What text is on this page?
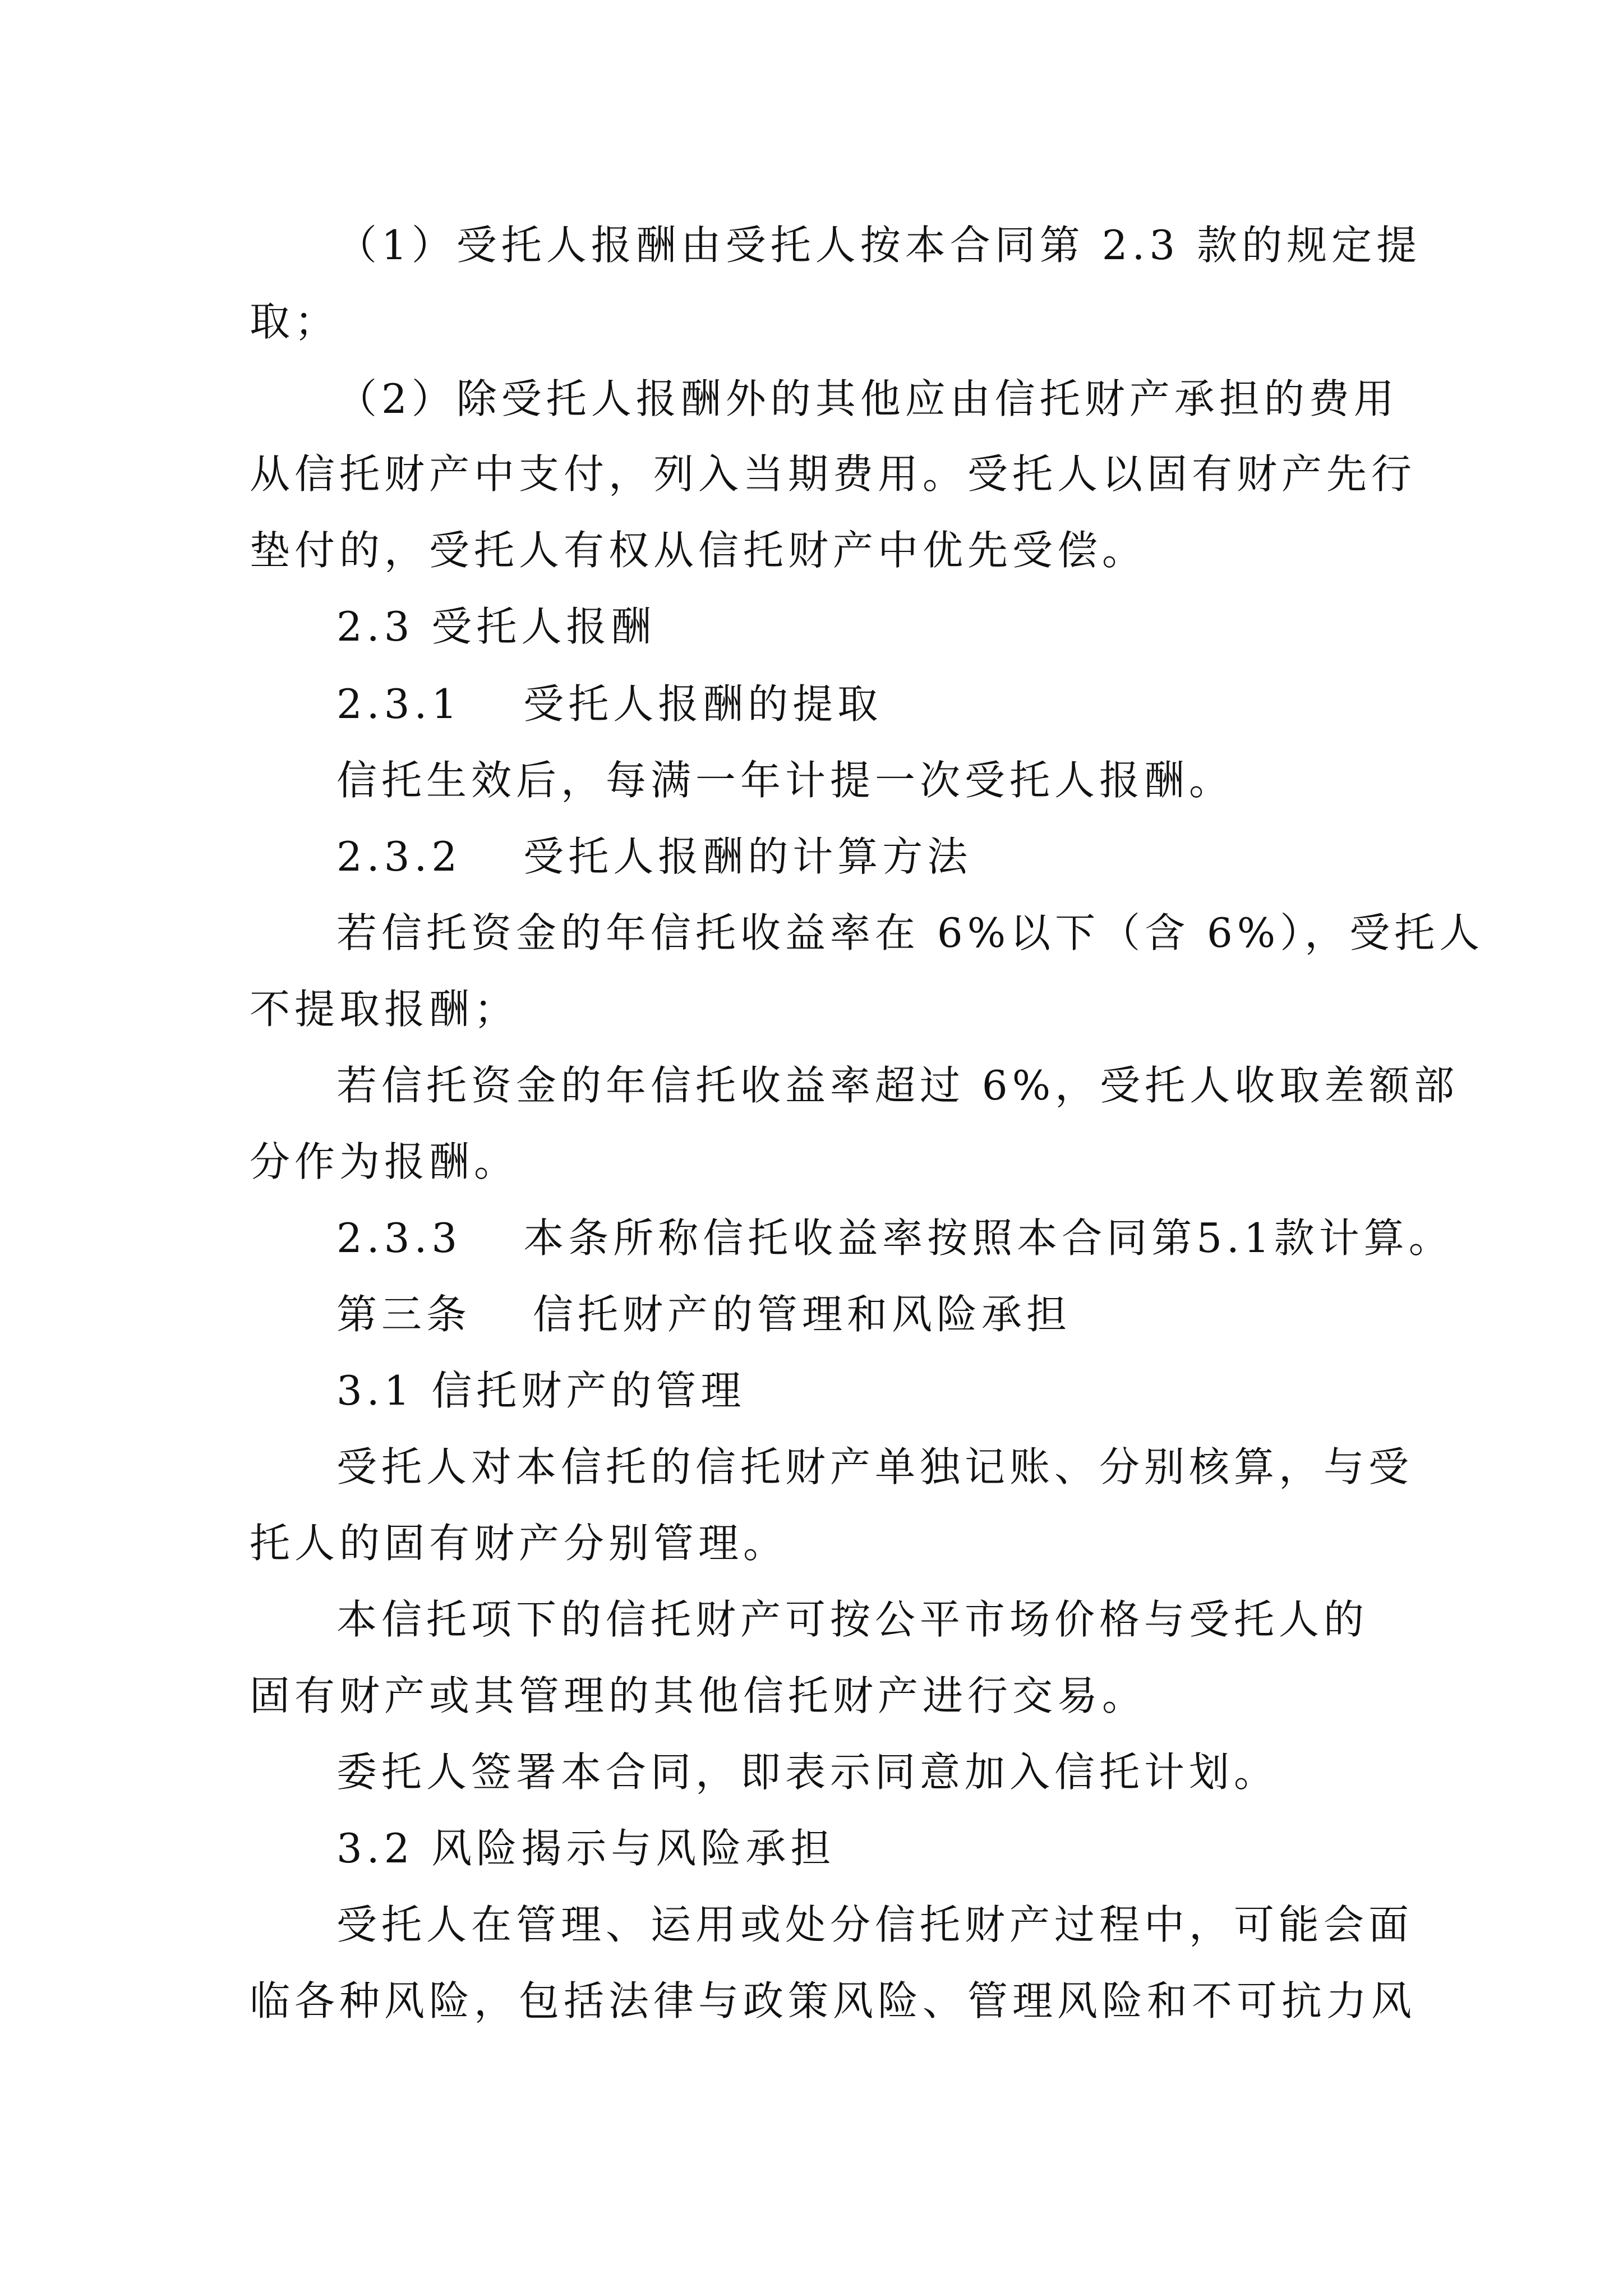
（1）受托人报酬由受托人按本合同第 2.3 款的规定提
取；
（2）除受托人报酬外的其他应由信托财产承担的费用
从信托财产中支付，列入当期费用。受托人以固有财产先行
垫付的，受托人有权从信托财产中优先受偿。
2.3 受托人报酬
2.3.1 受托人报酬的提取
信托生效后，每满一年计提一次受托人报酬。
2.3.2 受托人报酬的计算方法
若信托资金的年信托收益率在 6%以下（含 6%），受托人
不提取报酬；
若信托资金的年信托收益率超过 6%，受托人收取差额部
分作为报酬。
2.3.3 本条所称信托收益率按照本合同第5.1款计算。
第三条 信托财产的管理和风险承担
3.1 信托财产的管理
受托人对本信托的信托财产单独记账、分别核算，与受
托人的固有财产分别管理。
本信托项下的信托财产可按公平市场价格与受托人的
固有财产或其管理的其他信托财产进行交易。
委托人签署本合同，即表示同意加入信托计划。
3.2 风险揭示与风险承担
受托人在管理、运用或处分信托财产过程中，可能会面
临各种风险，包括法律与政策风险、管理风险和不可抗力风
